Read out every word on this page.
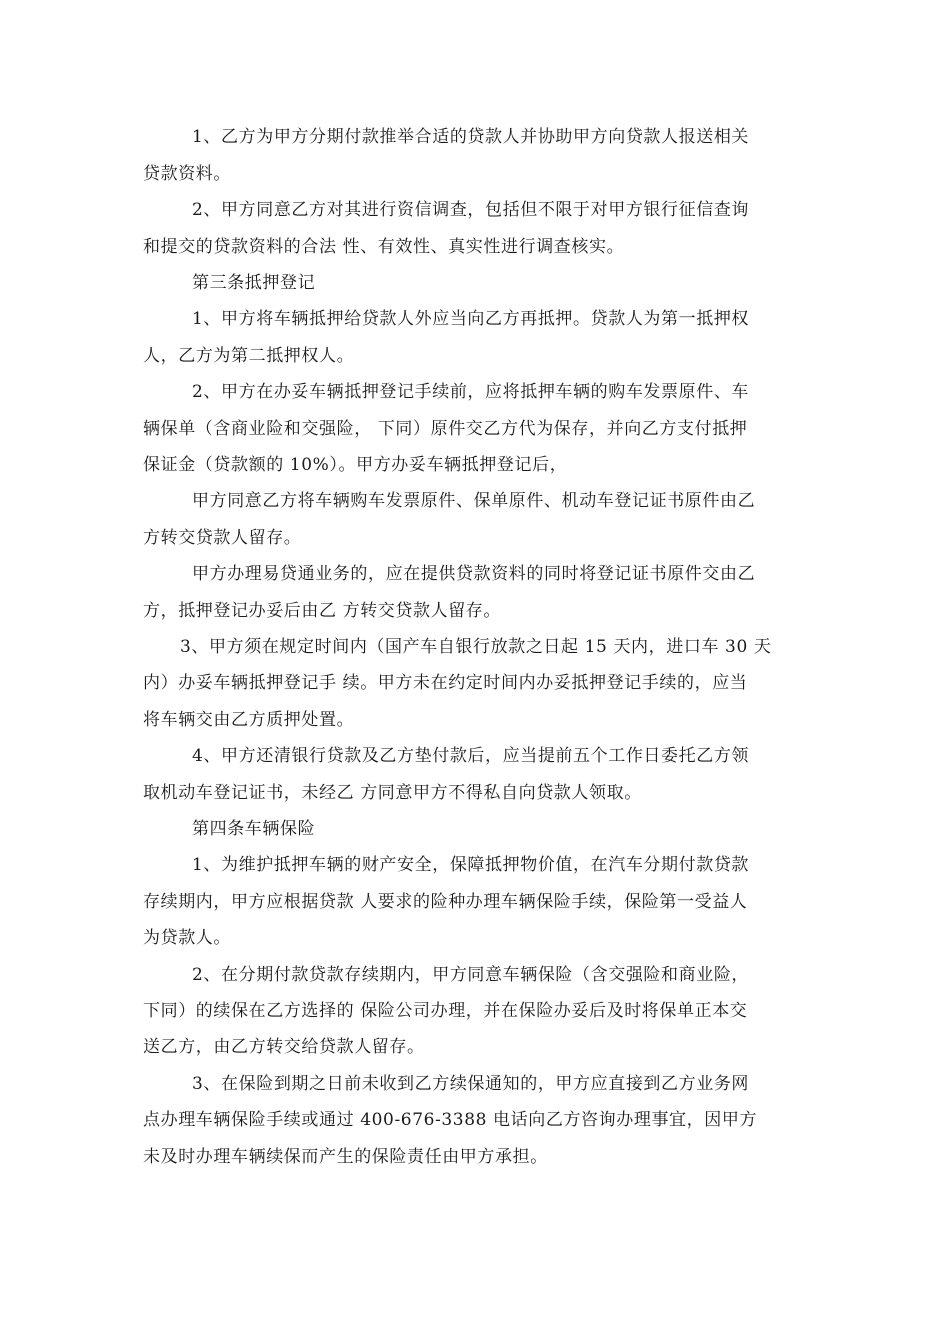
1、乙方为甲方分期付款推举合适的贷款人并协助甲方向贷款人报送相关
贷款资料。
2、甲方同意乙方对其进行资信调查，包括但不限于对甲方银行征信查询
和提交的贷款资料的合法 性、有效性、真实性进行调查核实。
第三条抵押登记
1、甲方将车辆抵押给贷款人外应当向乙方再抵押。贷款人为第一抵押权
人，乙方为第二抵押权人。
2、甲方在办妥车辆抵押登记手续前，应将抵押车辆的购车发票原件、车
辆保单（含商业险和交强险， 下同）原件交乙方代为保存，并向乙方支付抵押
保证金（贷款额的 10%）。甲方办妥车辆抵押登记后，
甲方同意乙方将车辆购车发票原件、保单原件、机动车登记证书原件由乙
方转交贷款人留存。
甲方办理易贷通业务的，应在提供贷款资料的同时将登记证书原件交由乙
方，抵押登记办妥后由乙 方转交贷款人留存。
3、甲方须在规定时间内（国产车自银行放款之日起 15 天内，进口车 30 天
内）办妥车辆抵押登记手 续。甲方未在约定时间内办妥抵押登记手续的，应当
将车辆交由乙方质押处置。
4、甲方还清银行贷款及乙方垫付款后，应当提前五个工作日委托乙方领
取机动车登记证书，未经乙 方同意甲方不得私自向贷款人领取。
第四条车辆保险
1、为维护抵押车辆的财产安全，保障抵押物价值，在汽车分期付款贷款
存续期内，甲方应根据贷款 人要求的险种办理车辆保险手续，保险第一受益人
为贷款人。
2、在分期付款贷款存续期内，甲方同意车辆保险（含交强险和商业险，
下同）的续保在乙方选择的 保险公司办理，并在保险办妥后及时将保单正本交
送乙方，由乙方转交给贷款人留存。
3、在保险到期之日前未收到乙方续保通知的，甲方应直接到乙方业务网
点办理车辆保险手续或通过 400-676-3388 电话向乙方咨询办理事宜，因甲方
未及时办理车辆续保而产生的保险责任由甲方承担。
